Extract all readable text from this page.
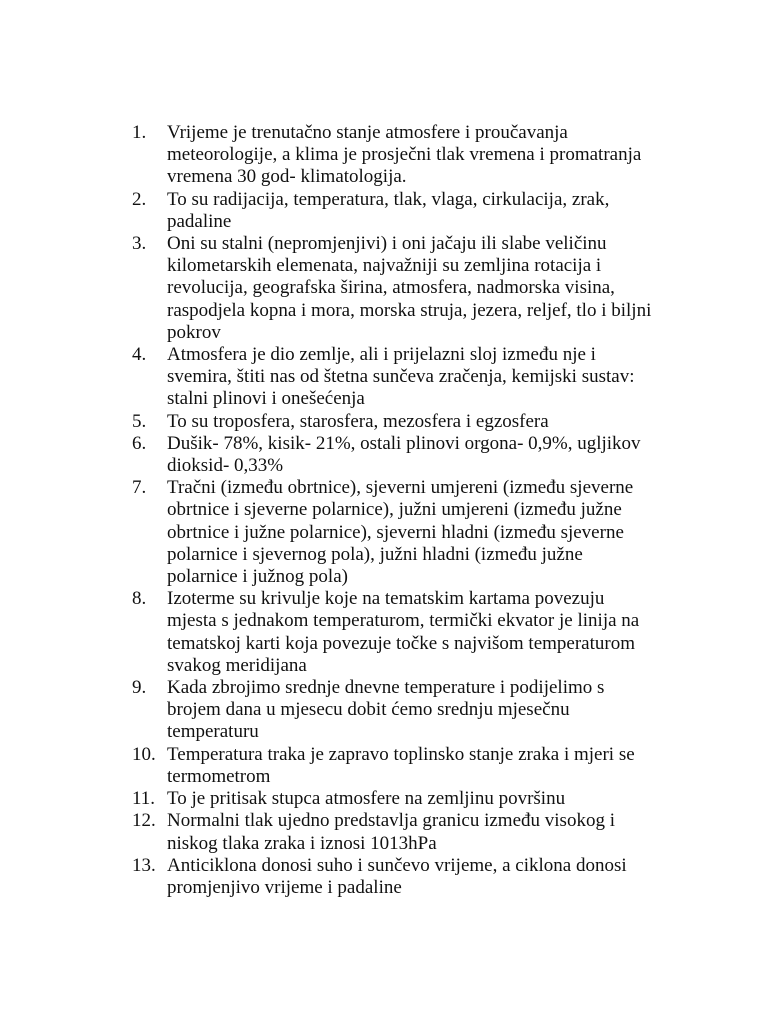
1.	Vrijeme je trenutačno stanje atmosfere i proučavanja
meteorologije, a klima je prosječni tlak vremena i promatranja
vremena 30 god- klimatologija.
2.	To su radijacija, temperatura, tlak, vlaga, cirkulacija, zrak,
padaline
3.	Oni su stalni (nepromjenjivi) i oni jačaju ili slabe veličinu
kilometarskih elemenata, najvažniji su zemljina rotacija i
revolucija, geografska širina, atmosfera, nadmorska visina,
raspodjela kopna i mora, morska struja, jezera, reljef, tlo i biljni
pokrov
4.	Atmosfera je dio zemlje, ali i prijelazni sloj između nje i
svemira, štiti nas od štetna sunčeva zračenja, kemijski sustav:
stalni plinovi i onešećenja
5.	To su troposfera, starosfera, mezosfera i egzosfera
6.	Dušik- 78%, kisik- 21%, ostali plinovi orgona- 0,9%, ugljikov
dioksid- 0,33%
7.	Tračni (između obrtnice), sjeverni umjereni (između sjeverne
obrtnice i sjeverne polarnice), južni umjereni (između južne
obrtnice i južne polarnice), sjeverni hladni (između sjeverne
polarnice i sjevernog pola), južni hladni (između južne
polarnice i južnog pola)
8.	Izoterme su krivulje koje na tematskim kartama povezuju
mjesta s jednakom temperaturom, termički ekvator je linija na
tematskoj karti koja povezuje točke s najvišom temperaturom
svakog meridijana
9.	Kada zbrojimo srednje dnevne temperature i podijelimo s
brojem dana u mjesecu dobit ćemo srednju mjesečnu
temperaturu
10. Temperatura traka je zapravo toplinsko stanje zraka i mjeri se
termometrom
11. To je pritisak stupca atmosfere na zemljinu površinu
12. Normalni tlak ujedno predstavlja granicu između visokog i
niskog tlaka zraka i iznosi 1013hPa
13. Anticiklona donosi suho i sunčevo vrijeme, a ciklona donosi
promjenjivo vrijeme i padaline
